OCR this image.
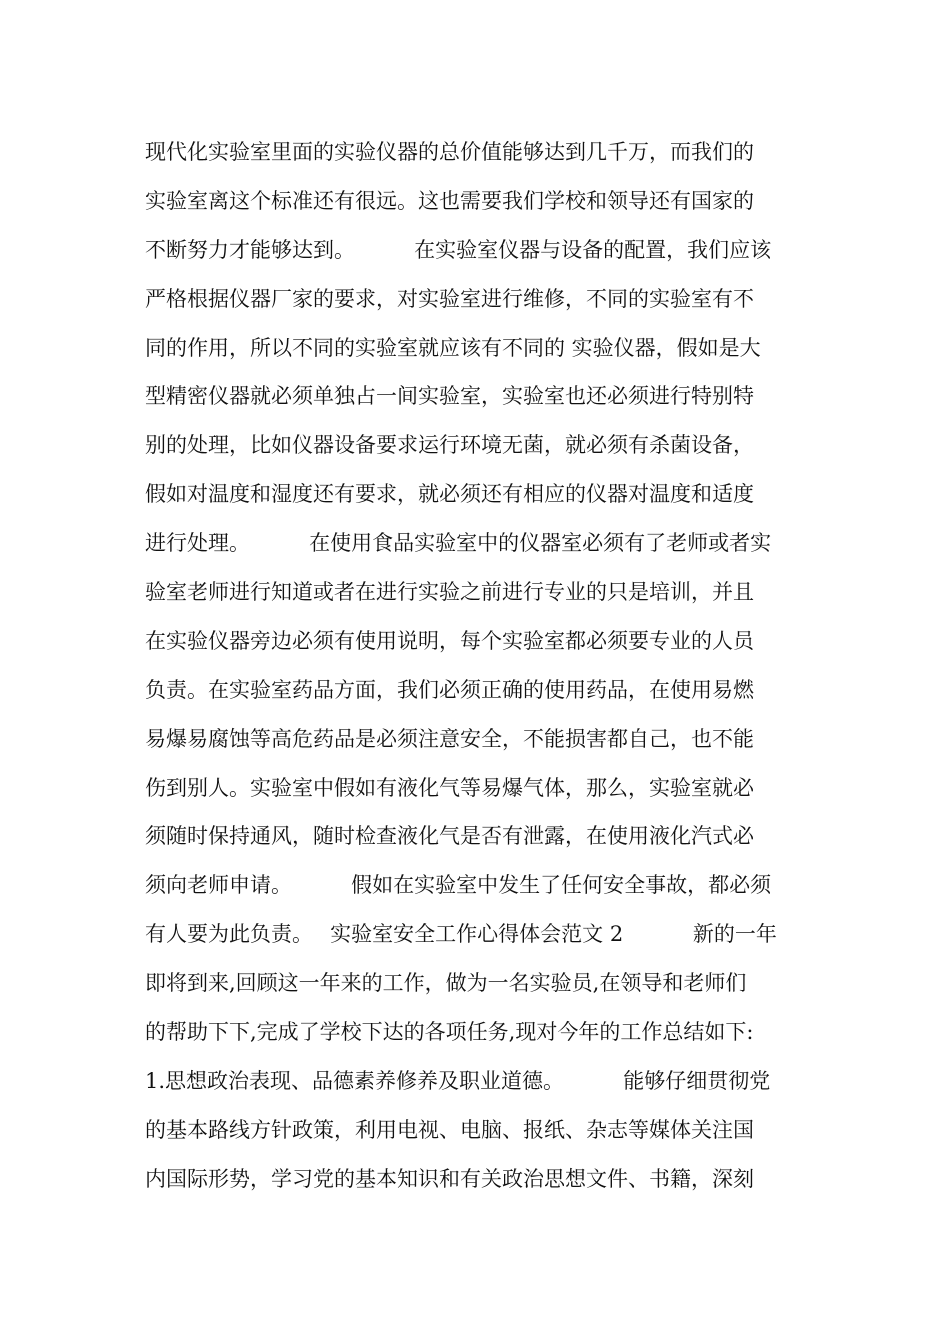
现代化实验室里面的实验仪器的总价值能够达到几千万，而我们的
实验室离这个标准还有很远。这也需要我们学校和领导还有国家的
不断努力才能够达到。　　　 在实验室仪器与设备的配置，我们应该
严格根据仪器厂家的要求，对实验室进行维修，不同的实验室有不
同的作用，所以不同的实验室就应该有不同的 实验仪器，假如是大
型精密仪器就必须单独占一间实验室，实验室也还必须进行特别特
别的处理，比如仪器设备要求运行环境无菌，就必须有杀菌设备，
假如对温度和湿度还有要求，就必须还有相应的仪器对温度和适度
进行处理。　　　 在使用食品实验室中的仪器室必须有了老师或者实
验室老师进行知道或者在进行实验之前进行专业的只是培训，并且
在实验仪器旁边必须有使用说明，每个实验室都必须要专业的人员
负责。在实验室药品方面，我们必须正确的使用药品，在使用易燃
易爆易腐蚀等高危药品是必须注意安全，不能损害都自己，也不能
伤到别人。实验室中假如有液化气等易爆气体，那么，实验室就必
须随时保持通风，随时检查液化气是否有泄露，在使用液化汽式必
须向老师申请。　　　 假如在实验室中发生了任何安全事故，都必须
有人要为此负责。　 实验室安全工作心得体会范文 2　　　 新的一年
即将到来,回顾这一年来的工作，做为一名实验员,在领导和老师们
的帮助下下,完成了学校下达的各项任务,现对今年的工作总结如下:
1.思想政治表现、品德素养修养及职业道德。　　　 能够仔细贯彻党
的基本路线方针政策，利用电视、电脑、报纸、杂志等媒体关注国
内国际形势，学习党的基本知识和有关政治思想文件、书籍，深刻
